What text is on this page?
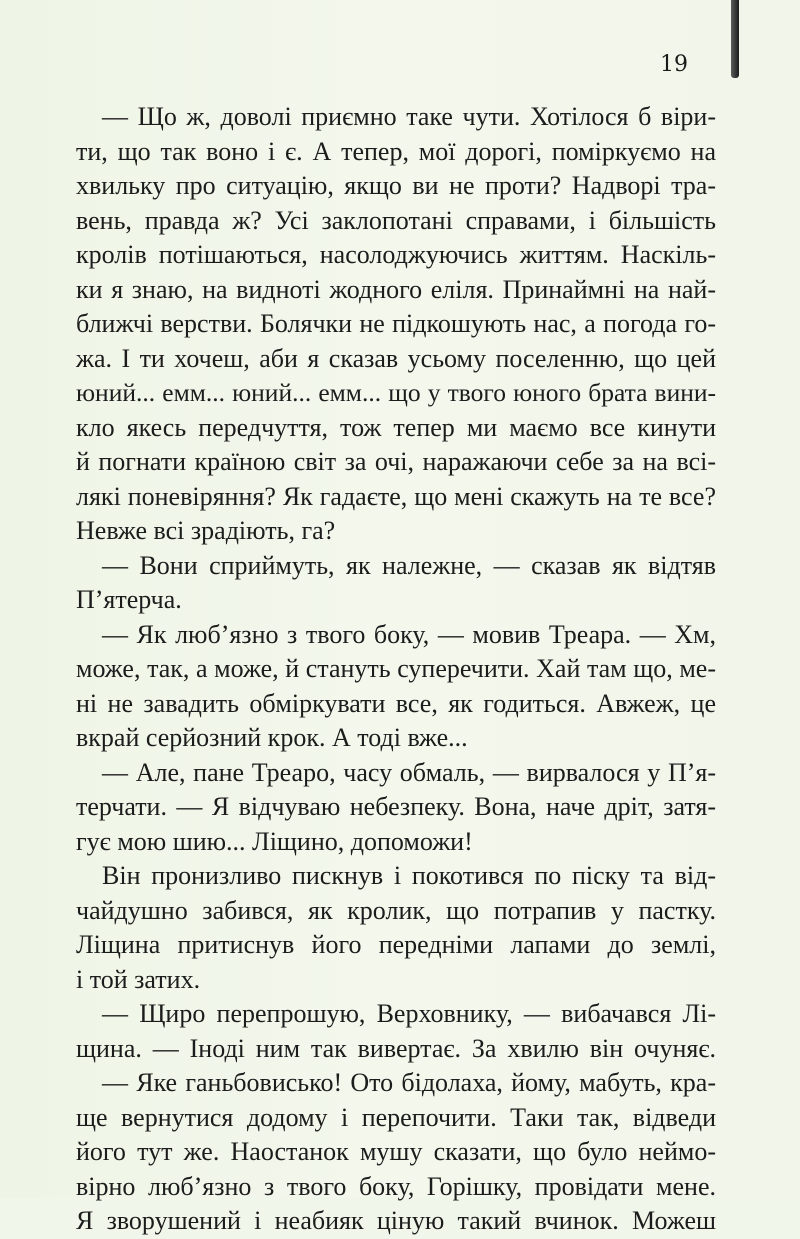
19
— Що ж, доволі приємно таке чути. Хотілося б віри-
ти, що так воно і є. А тепер, мої дорогі, поміркуємо на
хвильку про ситуацію, якщо ви не проти? Надворі тра-
вень, правда ж? Усі заклопотані справами, і більшість
кролів потішаються, насолоджуючись життям. Наскіль-
ки я знаю, на видноті жодного еліля. Принаймні на най-
ближчі верстви. Болячки не підкошують нас, а погода го-
жа. І ти хочеш, аби я сказав усьому поселенню, що цей
юний... емм... юний... емм... що у твого юного брата вини-
кло якесь передчуття, тож тепер ми маємо все кинути
й погнати країною світ за очі, наражаючи себе за на всі-
лякі поневіряння? Як гадаєте, що мені скажуть на те все?
Невже всі зрадіють, га?
— Вони сприймуть, як належне, — сказав як відтяв
П’ятерча.
— Як люб’язно з твого боку, — мовив Треара. — Хм,
може, так, а може, й стануть суперечити. Хай там що, ме-
ні не завадить обміркувати все, як годиться. Авжеж, це
вкрай серйозний крок. А тоді вже...
— Але, пане Треаро, часу обмаль, — вирвалося у П’я-
терчати. — Я відчуваю небезпеку. Вона, наче дріт, затя-
гує мою шию... Ліщино, допоможи!
Він пронизливо пискнув і покотився по піску та від-
чайдушно забився, як кролик, що потрапив у пастку.
Ліщина притиснув його передніми лапами до землі,
і той затих.
— Щиро перепрошую, Верховнику, — вибачався Лі-
щина. — Іноді ним так вивертає. За хвилю він очуняє.
— Яке ганьбовисько! Ото бідолаха, йому, мабуть, кра-
ще вернутися додому і перепочити. Таки так, відведи
його тут же. Наостанок мушу сказати, що було неймо-
вірно люб’язно з твого боку, Горішку, провідати мене.
Я зворушений і неабияк ціную такий вчинок. Можеш
